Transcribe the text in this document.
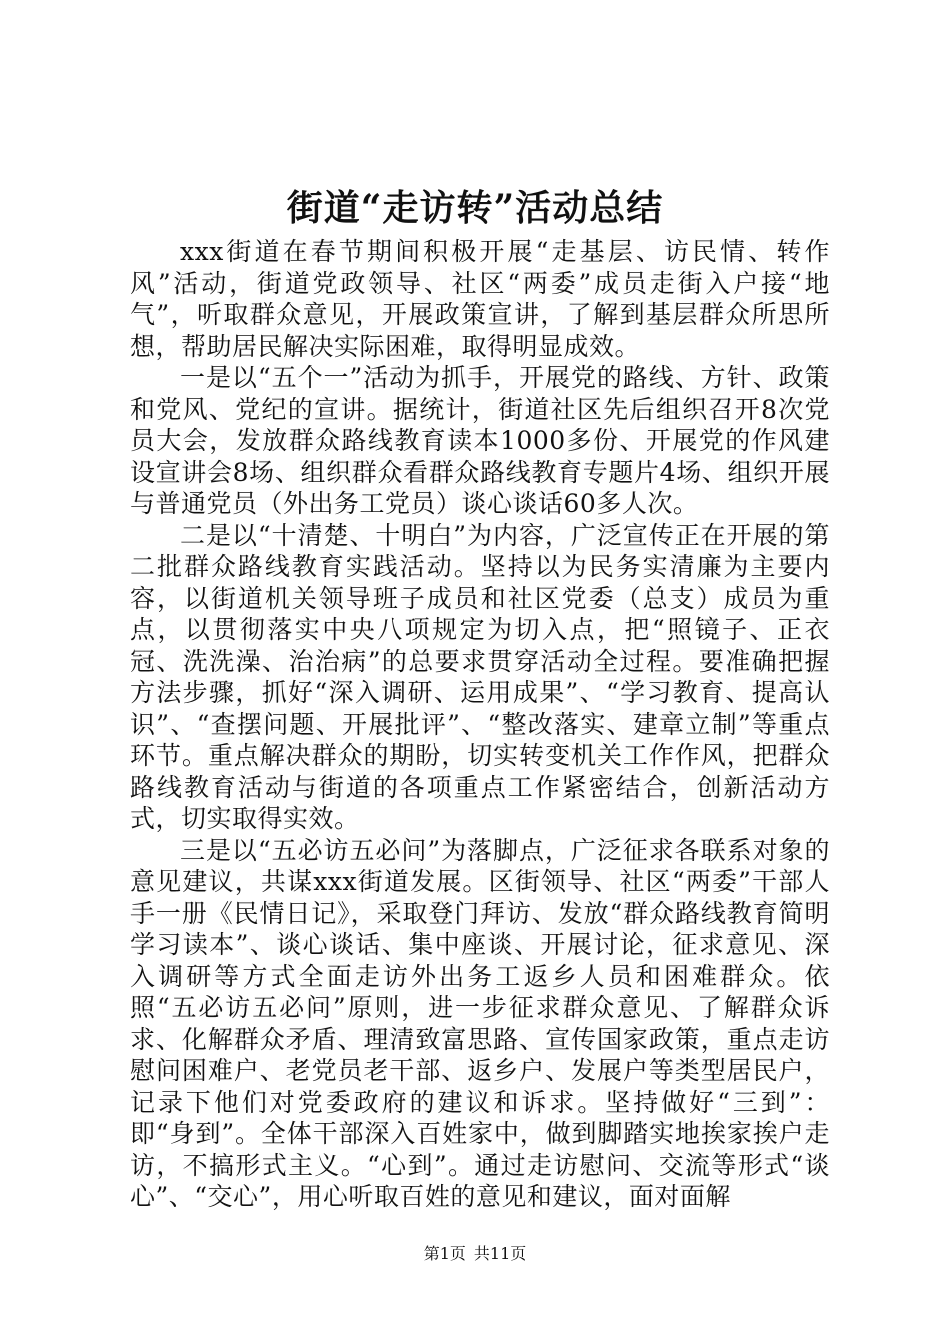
街道“走访转”活动总结

xxx街道在春节期间积极开展“走基层、访民情、转作风”活动，街道党政领导、社区“两委”成员走街入户接“地气”，听取群众意见，开展政策宣讲，了解到基层群众所思所想，帮助居民解决实际困难，取得明显成效。

一是以“五个一”活动为抓手，开展党的路线、方针、政策和党风、党纪的宣讲。据统计，街道社区先后组织召开8次党员大会，发放群众路线教育读本1000多份、开展党的作风建设宣讲会8场、组织群众看群众路线教育专题片4场、组织开展与普通党员（外出务工党员）谈心谈话60多人次。

二是以“十清楚、十明白”为内容，广泛宣传正在开展的第二批群众路线教育实践活动。坚持以为民务实清廉为主要内容，以街道机关领导班子成员和社区党委（总支）成员为重点，以贯彻落实中央八项规定为切入点，把“照镜子、正衣冠、洗洗澡、治治病”的总要求贯穿活动全过程。要准确把握方法步骤，抓好“深入调研、运用成果”、“学习教育、提高认识”、“查摆问题、开展批评”、“整改落实、建章立制”等重点环节。重点解决群众的期盼，切实转变机关工作作风，把群众路线教育活动与街道的各项重点工作紧密结合，创新活动方式，切实取得实效。

三是以“五必访五必问”为落脚点，广泛征求各联系对象的意见建议，共谋xxx街道发展。区街领导、社区“两委”干部人手一册《民情日记》，采取登门拜访、发放“群众路线教育简明学习读本”、谈心谈话、集中座谈、开展讨论，征求意见、深入调研等方式全面走访外出务工返乡人员和困难群众。依照“五必访五必问”原则，进一步征求群众意见、了解群众诉求、化解群众矛盾、理清致富思路、宣传国家政策，重点走访慰问困难户、老党员老干部、返乡户、发展户等类型居民户，记录下他们对党委政府的建议和诉求。坚持做好“三到”：即“身到”。全体干部深入百姓家中，做到脚踏实地挨家挨户走访，不搞形式主义。“心到”。通过走访慰问、交流等形式“谈心”、“交心”，用心听取百姓的意见和建议，面对面解

第1页 共11页
